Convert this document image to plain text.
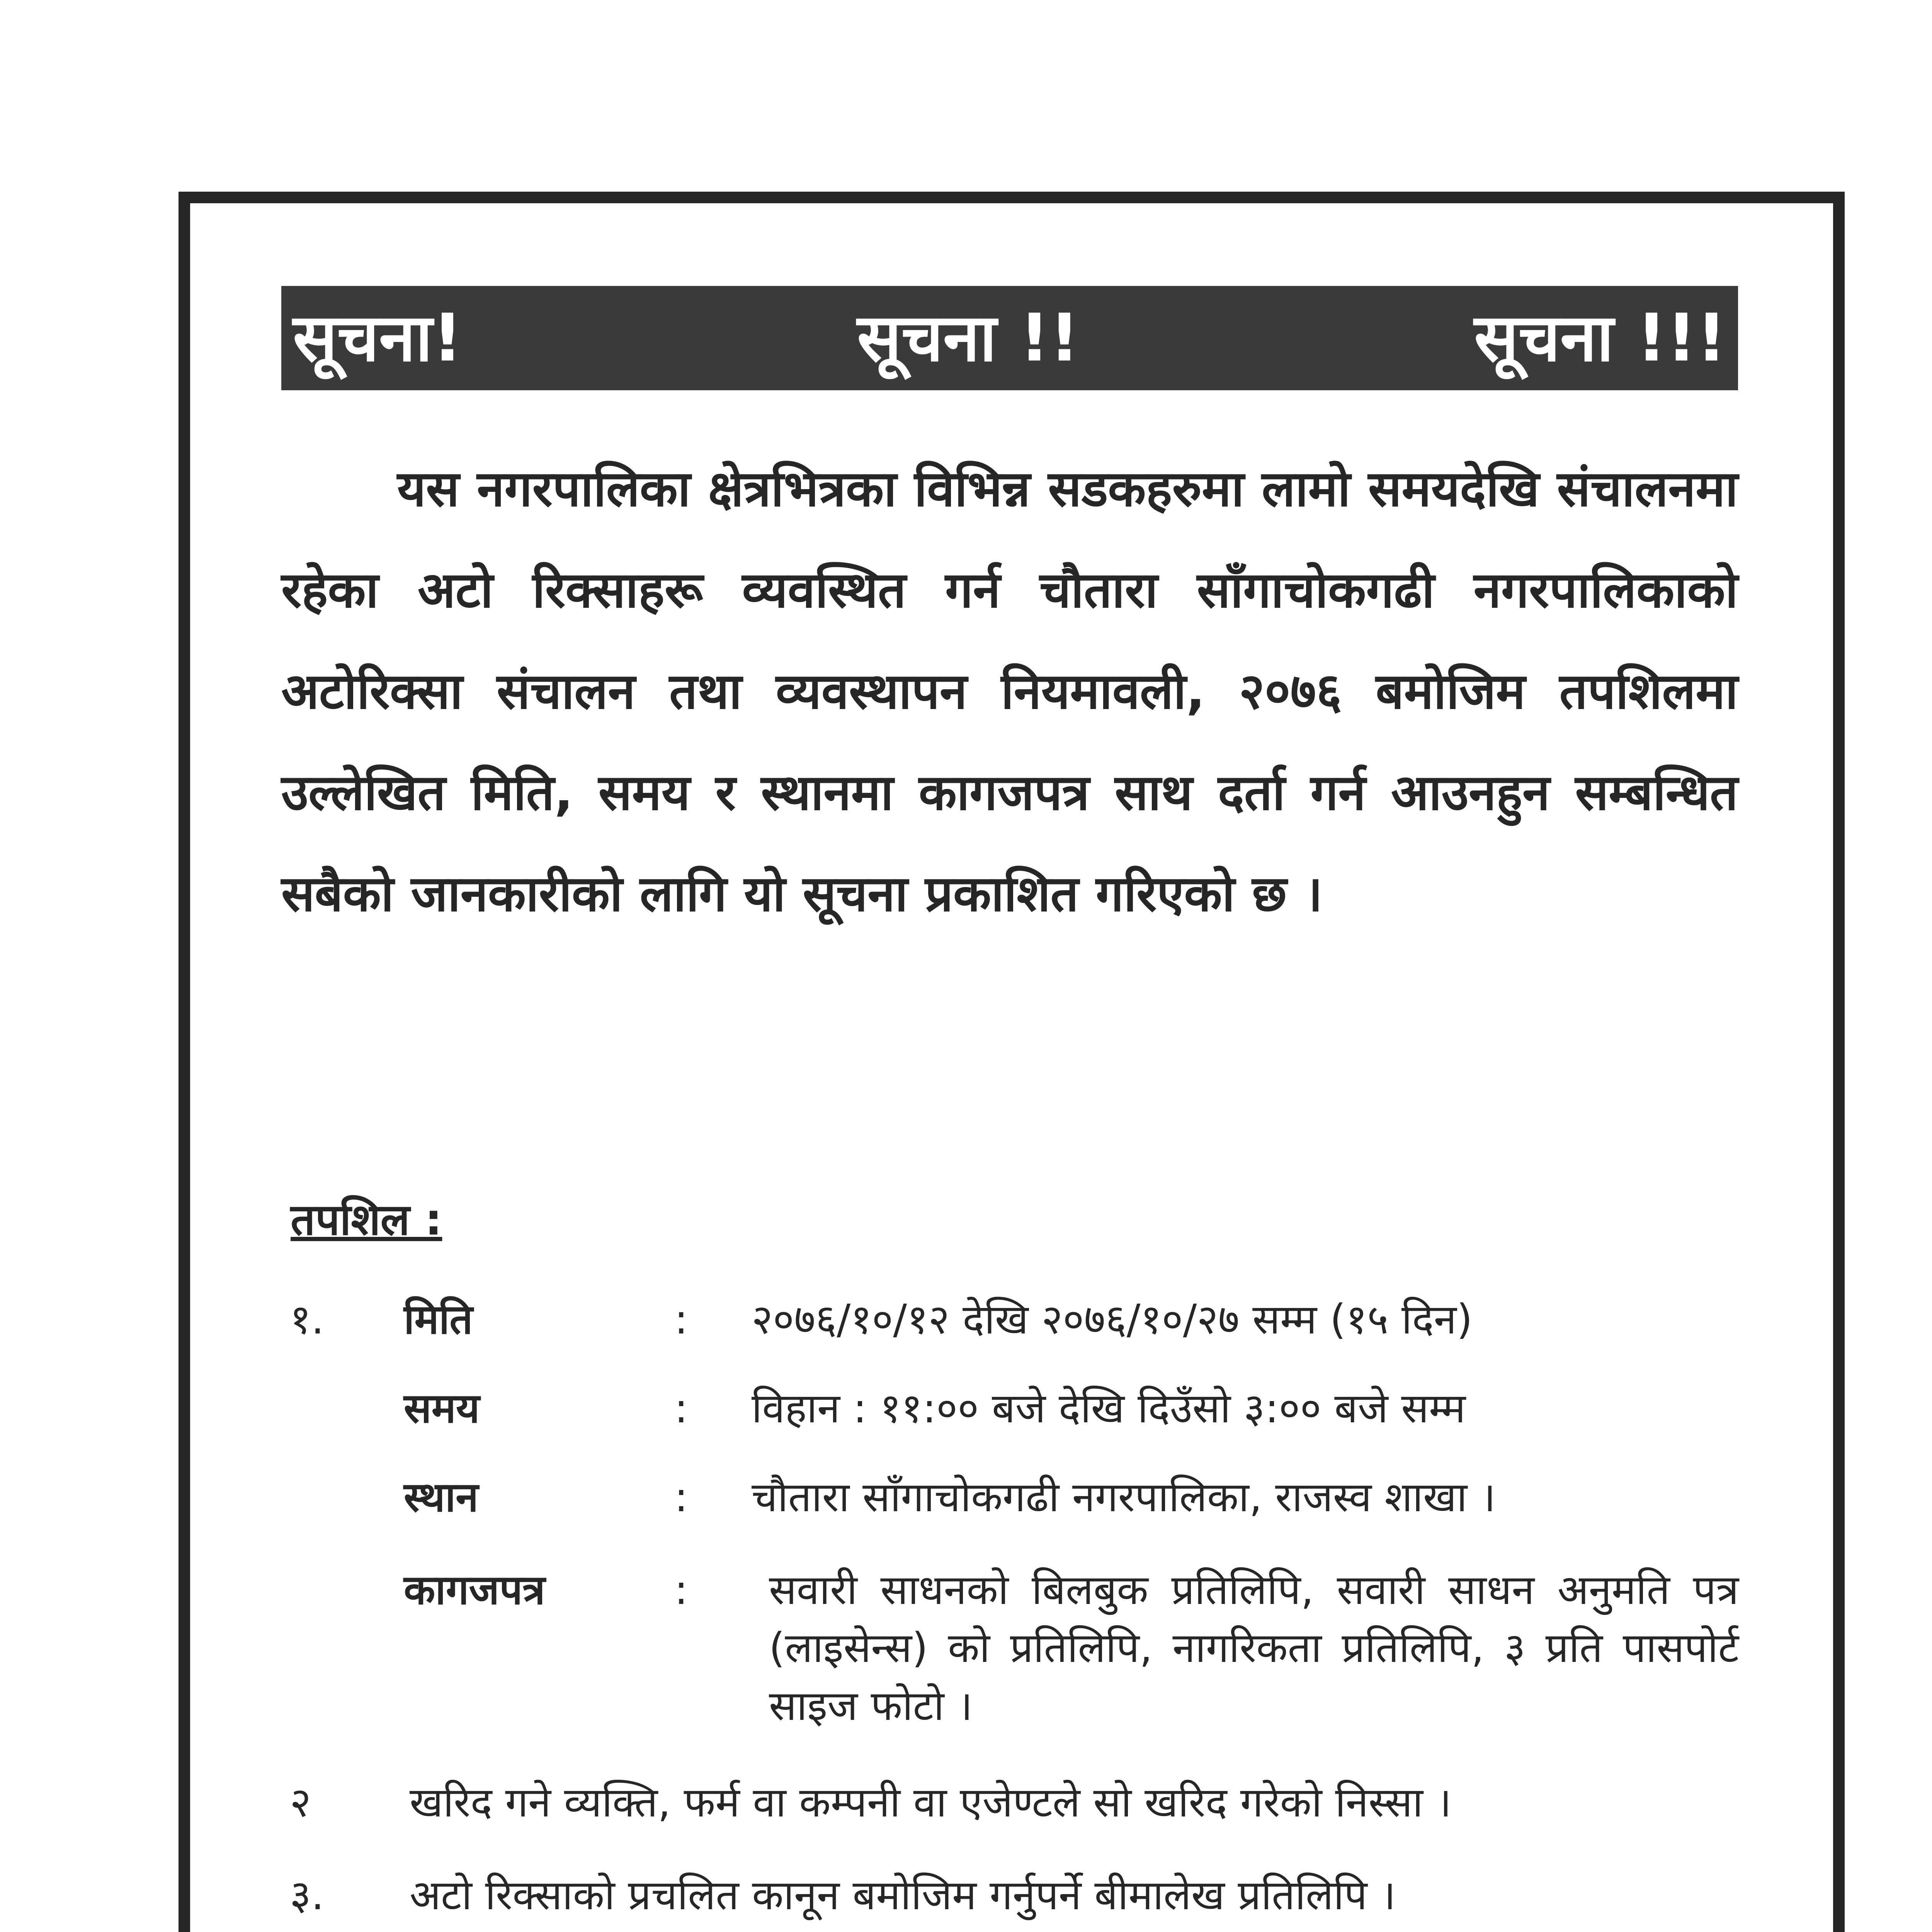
सूचना!	सूचना !!	सूचना !!!
यस नगरपालिका क्षेत्रभित्रका विभिन्न सडकहरुमा लामो समयदेखि संचालनमा रहेका अटो रिक्साहरू व्यवस्थित गर्न चौतारा साँगाचोकगढी नगरपालिकाको अटोरिक्सा संचालन तथा व्यवस्थापन नियमावली, २०७६ बमोजिम तपशिलमा उल्लेखित मिति, समय र स्थानमा कागजपत्र साथ दर्ता गर्न आउनहुन सम्बन्धित सबैको जानकारीको लागि यो सूचना प्रकाशित गरिएको छ ।
तपशिल :
१. मिति	: २०७६/१०/१२ देखि २०७६/१०/२७ सम्म (१५ दिन)
समय	: विहान : ११:०० बजे देखि दिउँसो ३:०० बजे सम्म
स्थान	: चौतारा साँगाचोकगढी नगरपालिका, राजस्व शाखा ।
कागजपत्र	: सवारी साधनको बिलबुक प्रतिलिपि, सवारी साधन अनुमति पत्र (लाइसेन्स) को प्रतिलिपि, नागरिकता प्रतिलिपि, ३ प्रति पासपोर्ट साइज फोटो ।
२ खरिद गने व्यक्ति, फर्म वा कम्पनी वा एजेण्टले सो खरिद गरेको निस्सा ।
३. अटो रिक्साको प्रचलित कानून बमोजिम गर्नुपर्ने बीमालेख प्रतिलिपि ।
